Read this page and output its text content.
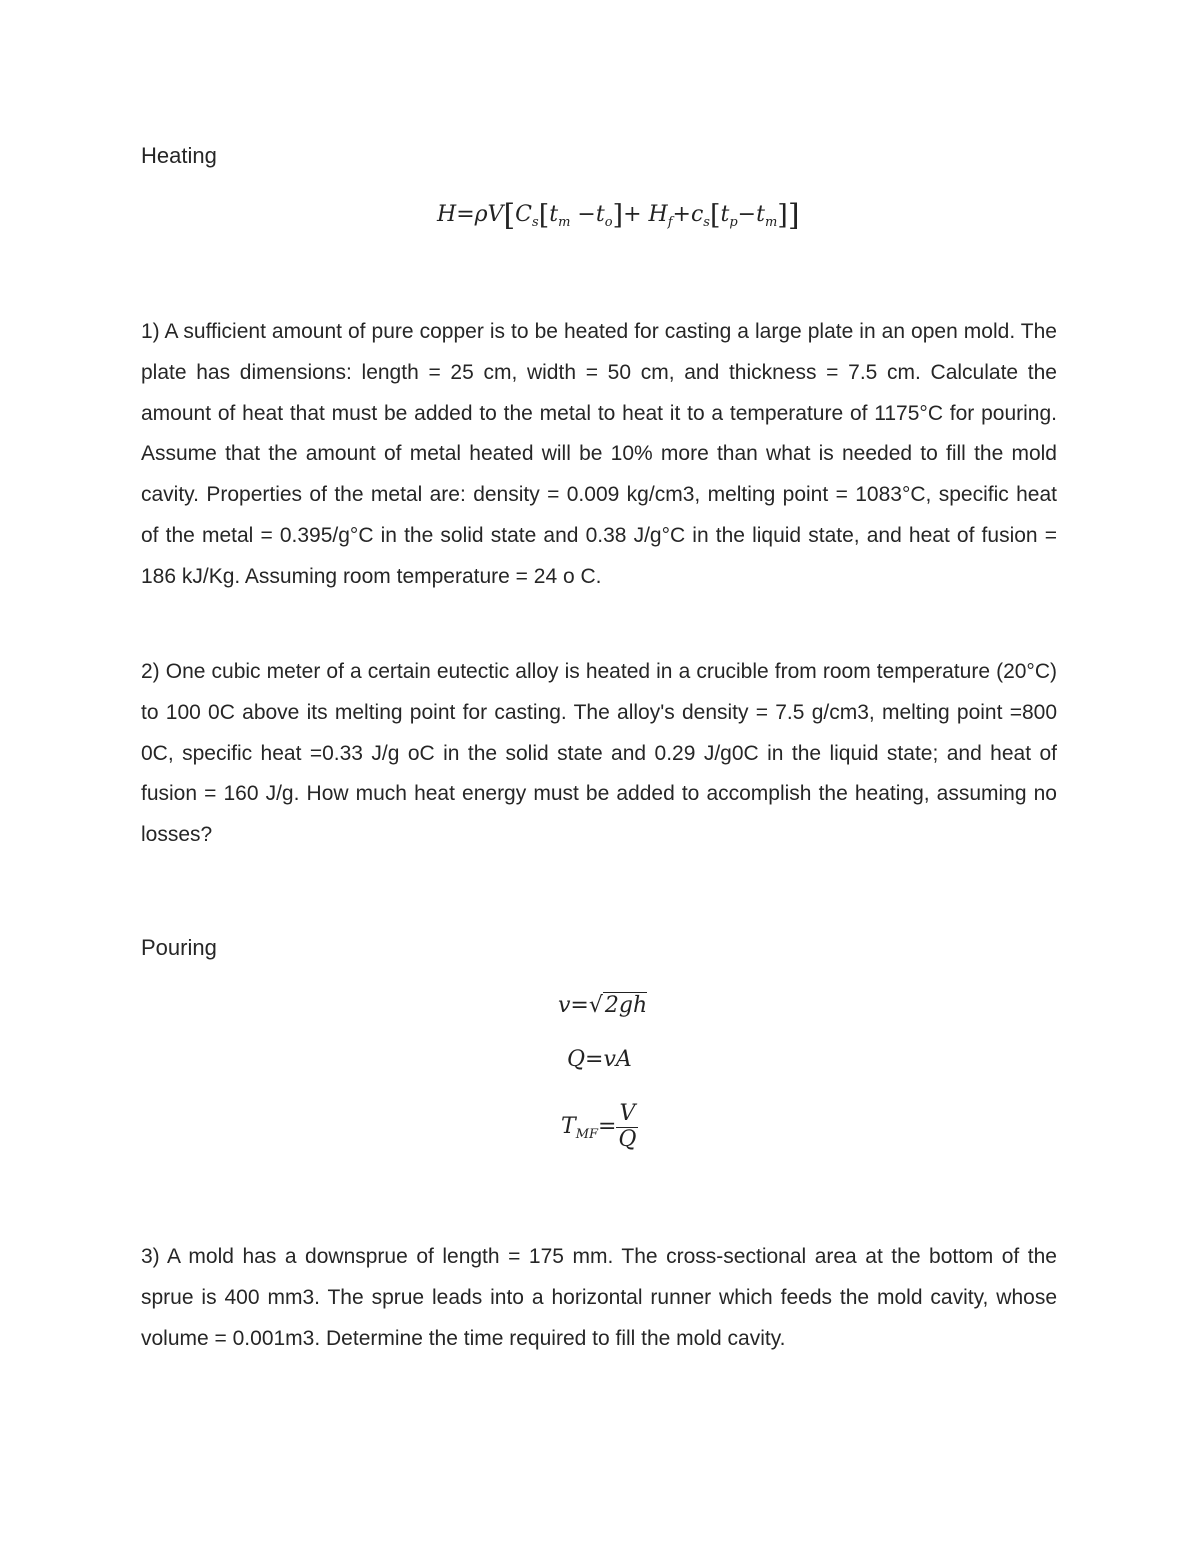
Heating
$H=\rho V[C_s[t_m -t_o]+ H_f+c_s[t_p-t_m]]$

1) A sufficient amount of pure copper is to be heated for casting a large plate in an open mold. The plate has dimensions: length = 25 cm, width = 50 cm, and thickness = 7.5 cm. Calculate the amount of heat that must be added to the metal to heat it to a temperature of 1175°C for pouring. Assume that the amount of metal heated will be 10% more than what is needed to fill the mold cavity. Properties of the metal are: density = 0.009 kg/cm3, melting point = 1083°C, specific heat of the metal = 0.395/g°C in the solid state and 0.38 J/g°C in the liquid state, and heat of fusion = 186 kJ/Kg. Assuming room temperature = 24 o C.

2) One cubic meter of a certain eutectic alloy is heated in a crucible from room temperature (20°C) to 100 0C above its melting point for casting. The alloy's density = 7.5 g/cm3, melting point =800 0C, specific heat =0.33 J/g oC in the solid state and 0.29 J/g0C in the liquid state; and heat of fusion = 160 J/g. How much heat energy must be added to accomplish the heating, assuming no losses?

Pouring
v=√2gh
Q=vA
$T_{MF}= \frac{V}{Q}$

3) A mold has a downsprue of length = 175 mm. The cross-sectional area at the bottom of the sprue is 400 mm3. The sprue leads into a horizontal runner which feeds the mold cavity, whose volume = 0.001m3. Determine the time required to fill the mold cavity.
